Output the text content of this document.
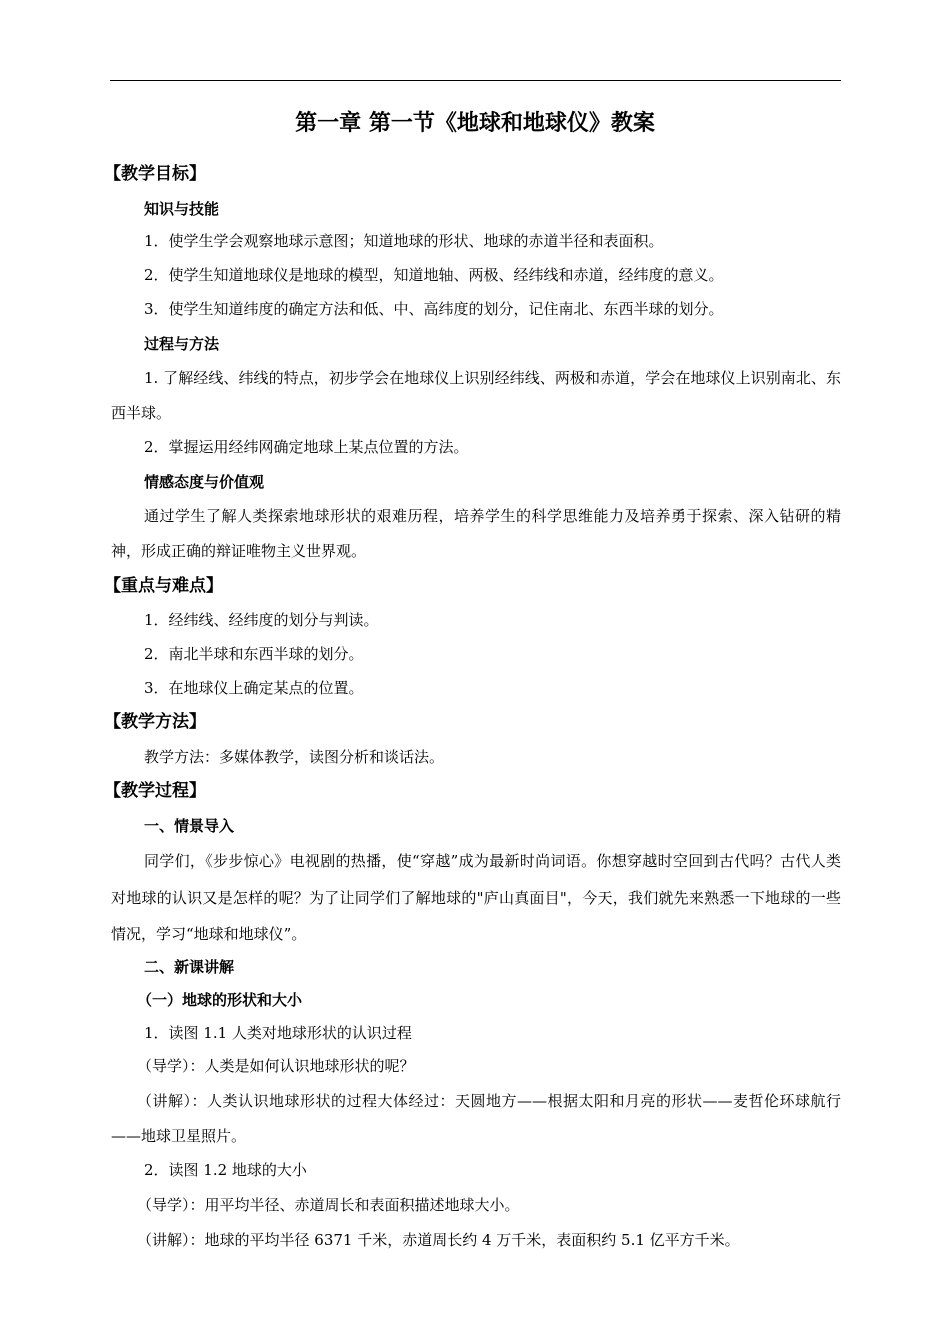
第一章 第一节《地球和地球仪》教案
【教学目标】
知识与技能
1．使学生学会观察地球示意图；知道地球的形状、地球的赤道半径和表面积。
2．使学生知道地球仪是地球的模型，知道地轴、两极、经纬线和赤道，经纬度的意义。
3．使学生知道纬度的确定方法和低、中、高纬度的划分，记住南北、东西半球的划分。
过程与方法
1. 了解经线、纬线的特点，初步学会在地球仪上识别经纬线、两极和赤道，学会在地球仪上识别南北、东西半球。
2．掌握运用经纬网确定地球上某点位置的方法。
情感态度与价值观
通过学生了解人类探索地球形状的艰难历程，培养学生的科学思维能力及培养勇于探索、深入钻研的精神，形成正确的辩证唯物主义世界观。
【重点与难点】
1．经纬线、经纬度的划分与判读。
2．南北半球和东西半球的划分。
3．在地球仪上确定某点的位置。
【教学方法】
教学方法：多媒体教学，读图分析和谈话法。
【教学过程】
一、情景导入
同学们，《步步惊心》电视剧的热播，使“穿越”成为最新时尚词语。你想穿越时空回到古代吗？古代人类对地球的认识又是怎样的呢？为了让同学们了解地球的"庐山真面目"，今天，我们就先来熟悉一下地球的一些情况，学习“地球和地球仪”。
二、新课讲解
（一）地球的形状和大小
1．读图 1.1 人类对地球形状的认识过程
（导学）：人类是如何认识地球形状的呢？
（讲解）：人类认识地球形状的过程大体经过：天圆地方——根据太阳和月亮的形状——麦哲伦环球航行——地球卫星照片。
2．读图 1.2 地球的大小
（导学）：用平均半径、赤道周长和表面积描述地球大小。
（讲解）：地球的平均半径 6371 千米，赤道周长约 4 万千米，表面积约 5.1 亿平方千米。
